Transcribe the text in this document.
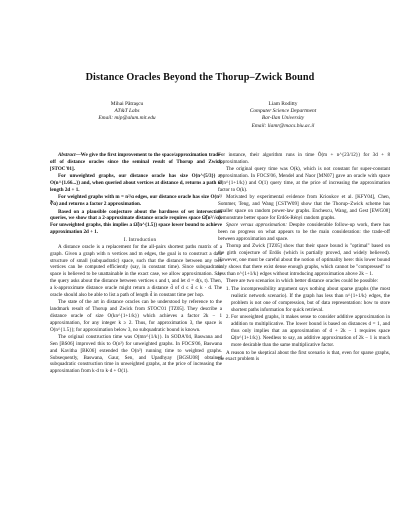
Distance Oracles Beyond the Thorup–Zwick Bound
Mihai Pǎtraşcu
AT&T Labs
Email: mip@alum.mit.edu
Liam Roditty
Computer Science Department
Bar-Ilan University
Email: liamr@macs.biu.ac.il

Abstract—We give the first improvement to the space/approximation trade-off of distance oracles since the seminal result of Thorup and Zwick [STOC'01].

For unweighted graphs, our distance oracle has size O(n^{5/3}) = O(n^{1.66...}) and, when queried about vertices at distance d, returns a path of length 2d + 1.

For weighted graphs with m = n²/α edges, our distance oracle has size O(n²/∛α) and returns a factor 2 approximation.

Based on a plausible conjecture about the hardness of set intersection queries, we show that a 2-approximate distance oracle requires space Ω̃(n²/√α). For unweighted graphs, this implies a Ω̃(n^{1.5}) space lower bound to achieve approximation 2d + 1.

I. Introduction

A distance oracle is a replacement for the all-pairs shortest paths matrix of a graph. Given a graph with n vertices and m edges, the goal is to construct a data structure of small (subquadratic) space, such that the distance between any two vertices can be computed efficiently (say, in constant time). Since subquadratic space is believed to be unattainable in the exact case, we allow approximation. Say the query asks about the distance between vertices s and t, and let d = d(s, t). Then, a k-approximate distance oracle might return a distance d̃ of d ≤ d̃ ≤ k · d. The oracle should also be able to list a path of length d̃ in constant time per hop.

The state of the art in distance oracles can be understood by reference to the landmark result of Thorup and Zwick from STOC'01 [TZ05]. They describe a distance oracle of size O(kn^{1+1/k}) which achieves a factor 2k − 1 approximation, for any integer k ≥ 2. Thus, for approximation 3, the space is O(n^{1.5}); for approximation below 3, no subquadratic bound is known.

The original construction time was O(mn^{1/k}). In SODA'04, Baswana and Sen [BS06] improved this to O(n²) for unweighted graphs. In FOCS'06, Baswana and Kavitha [BK06] extended the O(n²) running time to weighted graphs. Subsequently, Baswana, Gaur, Sen, and Upadhyay [BGSU08] obtained subquadratic construction time in unweighted graphs, at the price of increasing the approximation from k·d to k·d + O(1).

For instance, their algorithm runs in time Õ(m + n^{23/12}) for 3d + 8 approximation.

The original query time was O(k), which is not constant for super-constant approximation. In FOCS'06, Mendel and Naor [MN07] gave an oracle with space O(n^{1+1/k}) and O(1) query time, at the price of increasing the approximation factor to O(k).

Motivated by experimental evidence from Krioukov et al. [KFY04], Chen, Sommer, Teng, and Wang [CSTW09] show that the Thorup–Zwick scheme has smaller space on random power-law graphs. Enchescu, Wang, and Gest [EWG08] demonstrate better space for Erdős-Rényi random graphs.

Space versus approximation: Despite considerable follow-up work, there has been no progress on what appears to be the main consideration: the trade-off between approximation and space.

Thorup and Zwick [TZ05] show that their space bound is "optimal" based on the girth conjecture of Erdős (which is partially proved, and widely believed). However, one must be careful about the notion of optimality here: this lower bound only shows that there exist dense enough graphs, which cannot be "compressed" to less than n^{1+1/k} edges without introducing approximation above 2k − 1.

There are two scenarios in which better distance oracles could be possible:

1. The incompressibility argument says nothing about sparse graphs (the most realistic network scenario). If the graph has less than n^{1+1/k} edges, the problem is not one of compression, but of data representation: how to store shortest paths information for quick retrieval.
2. For unweighted graphs, it makes sense to consider additive approximation in addition to multiplicative. The lower bound is based on distances d = 1, and thus only implies that an approximation of d + 2k − 1 requires space Ω(n^{1+1/k}). Needless to say, an additive approximation of 2k − 1 is much more desirable than the same multiplicative factor.

A reason to be skeptical about the first scenario is that, even for sparse graphs, the exact problem is
